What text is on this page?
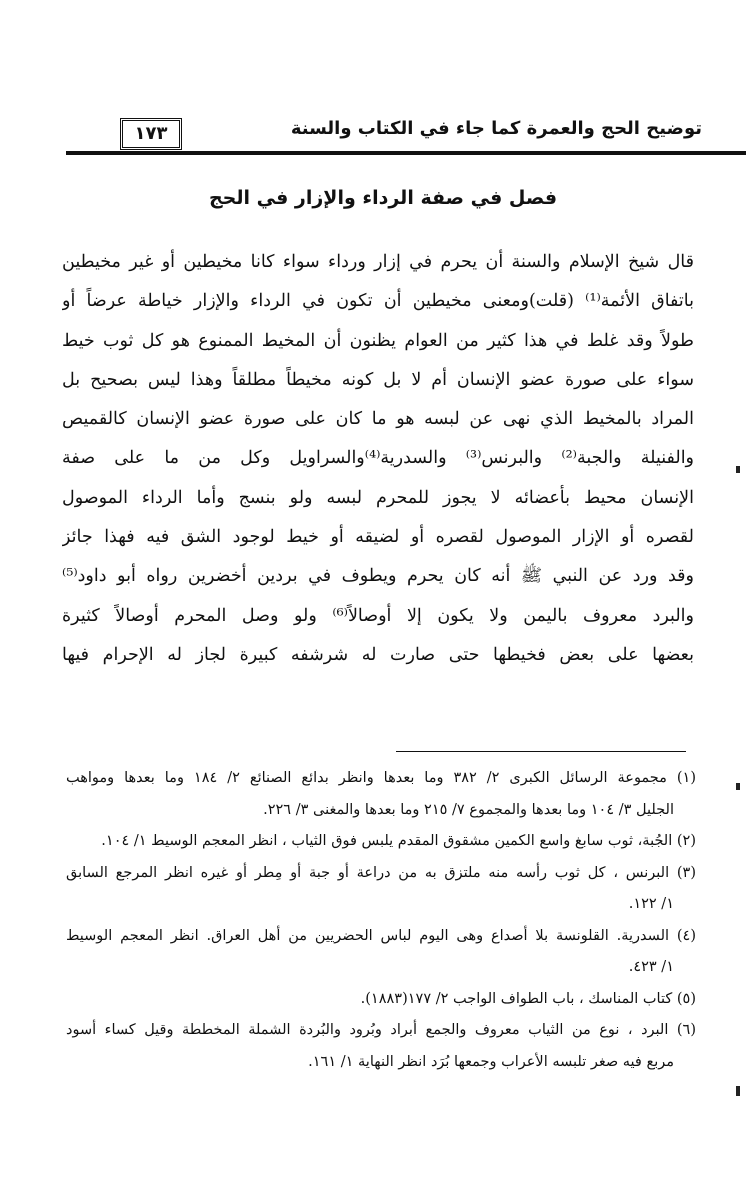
١٧٣	توضيح الحج والعمرة كما جاء في الكتاب والسنة
فصل في صفة الرداء والإزار في الحج
قال شيخ الإسلام والسنة أن يحرم في إزار ورداء سواء كانا مخيطين أو غير مخيطين
باتفاق الأئمة⁽¹⁾ (قلت)ومعنى مخيطين أن تكون في الرداء والإزار خياطة عرضاً أو
طولاً وقد غلط في هذا كثير من العوام يظنون أن المخيط الممنوع هو كل ثوب خيط
سواء على صورة عضو الإنسان أم لا بل كونه مخيطاً مطلقاً وهذا ليس بصحيح بل
المراد بالمخيط الذي نهى عن لبسه هو ما كان على صورة عضو الإنسان كالقميص
والفنيلة والجبة⁽²⁾ والبرنس⁽³⁾ والسدرية⁽⁴⁾والسراويل وكل من ما على صفة
الإنسان محيط بأعضائه لا يجوز للمحرم لبسه ولو بنسج وأما الرداء الموصول
لقصره أو الإزار الموصول لقصره أو لضيقه أو خيط لوجود الشق فيه فهذا جائز
وقد ورد عن النبي ﷺ أنه كان يحرم ويطوف في بردين أخضرين رواه أبو داود⁽⁵⁾
والبرد معروف باليمن ولا يكون إلا أوصالاً⁽⁶⁾ ولو وصل المحرم أوصالاً كثيرة
بعضها على بعض فخيطها حتى صارت له شرشفه كبيرة لجاز له الإحرام فيها
(١) مجموعة الرسائل الكبرى ٢/ ٣٨٢ وما بعدها وانظر بدائع الصنائع ٢/ ١٨٤ وما بعدها ومواهب
الجليل ٣/ ١٠٤ وما بعدها والمجموع ٧/ ٢١٥ وما بعدها والمغنى ٣/ ٢٢٦.
(٢) الجُبة، ثوب سابغ واسع الكمين مشقوق المقدم يلبس فوق الثياب ، انظر المعجم الوسيط ١/ ١٠٤.
(٣) البرنس ، كل ثوب رأسه منه ملتزق به من دراعة أو جبة أو مِطر أو غيره انظر المرجع السابق
١/ ١٢٢.
(٤) السدرية. القلونسة بلا أصداع وهى اليوم لباس الحضريين من أهل العراق. انظر المعجم الوسيط
١/ ٤٢٣.
(٥) كتاب المناسك ، باب الطواف الواجب ٢/ ١٧٧(١٨٨٣).
(٦) البرد ، نوع من الثياب معروف والجمع أبراد وبُرود والبُردة الشملة المخططة وقيل كساء أسود
مربع فيه صغر تلبسه الأعراب وجمعها بُرَد انظر النهاية ١/ ١٦١.
